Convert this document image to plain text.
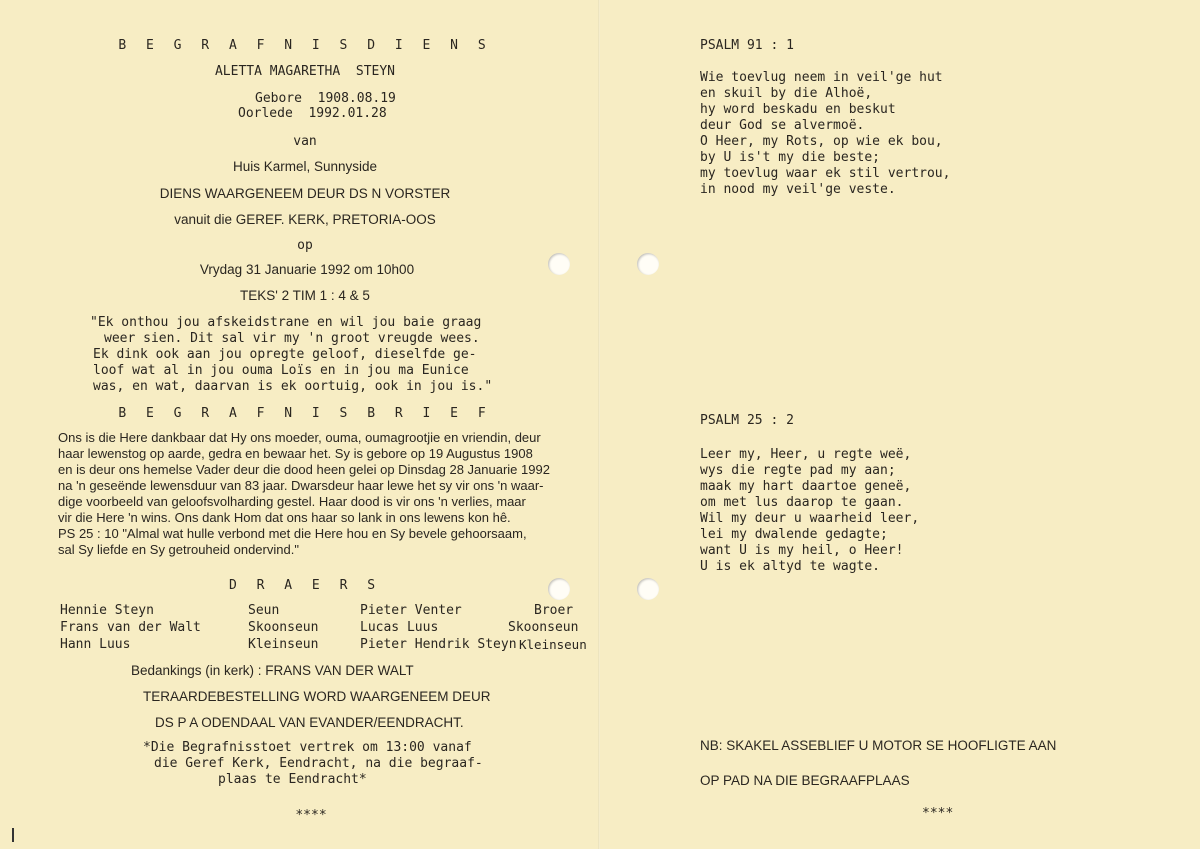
B E G R A F N I S D I E N S
ALETTA MAGARETHA  STEYN
Gebore  1908.08.19
Oorlede  1992.01.28
van
Huis Karmel, Sunnyside
DIENS WAARGENEEM DEUR DS N VORSTER
vanuit die GEREF. KERK, PRETORIA-OOS
op
Vrydag 31 Januarie 1992 om 10h00
TEKS' 2 TIM 1 : 4 & 5
"Ek onthou jou afskeidstrane en wil jou baie graag
weer sien. Dit sal vir my 'n groot vreugde wees.
Ek dink ook aan jou opregte geloof, dieselfde ge-
loof wat al in jou ouma Loïs en in jou ma Eunice
was, en wat, daarvan is ek oortuig, ook in jou is."
B E G R A F N I S B R I E F
Ons is die Here dankbaar dat Hy ons moeder, ouma, oumagrootjie en vriendin, deur
haar lewenstog op aarde, gedra en bewaar het. Sy is gebore op 19 Augustus 1908
en is deur ons hemelse Vader deur die dood heen gelei op Dinsdag 28 Januarie 1992
na 'n geseënde lewensduur van 83 jaar. Dwarsdeur haar lewe het sy vir ons 'n waar-
dige voorbeeld van geloofsvolharding gestel. Haar dood is vir ons 'n verlies, maar
vir die Here 'n wins. Ons dank Hom dat ons haar so lank in ons lewens kon hê.
PS 25 : 10 "Almal wat hulle verbond met die Here hou en Sy bevele gehoorsaam,
sal Sy liefde en Sy getrouheid ondervind."
D R A E R S
Hennie Steyn	Seun	Pieter Venter	Broer
Frans van der Walt	Skoonseun	Lucas Luus	Skoonseun
Hann Luus	Kleinseun	Pieter Hendrik Steyn Kleinseun
Bedankings (in kerk) : FRANS VAN DER WALT
TERAARDEBESTELLING WORD WAARGENEEM DEUR
DS P A ODENDAAL VAN EVANDER/EENDRACHT.
*Die Begrafnisstoet vertrek om 13:00 vanaf
die Geref Kerk, Eendracht, na die begraaf-
plaas te Eendracht*
****
PSALM 91 : 1
Wie toevlug neem in veil'ge hut
en skuil by die Alhoë,
hy word beskadu en beskut
deur God se alvermoë.
O Heer, my Rots, op wie ek bou,
by U is't my die beste;
my toevlug waar ek stil vertrou,
in nood my veil'ge veste.
PSALM 25 : 2
Leer my, Heer, u regte weë,
wys die regte pad my aan;
maak my hart daartoe geneë,
om met lus daarop te gaan.
Wil my deur u waarheid leer,
lei my dwalende gedagte;
want U is my heil, o Heer!
U is ek altyd te wagte.
NB: SKAKEL ASSEBLIEF U MOTOR SE HOOFLIGTE AAN
OP PAD NA DIE BEGRAAFPLAAS
****
